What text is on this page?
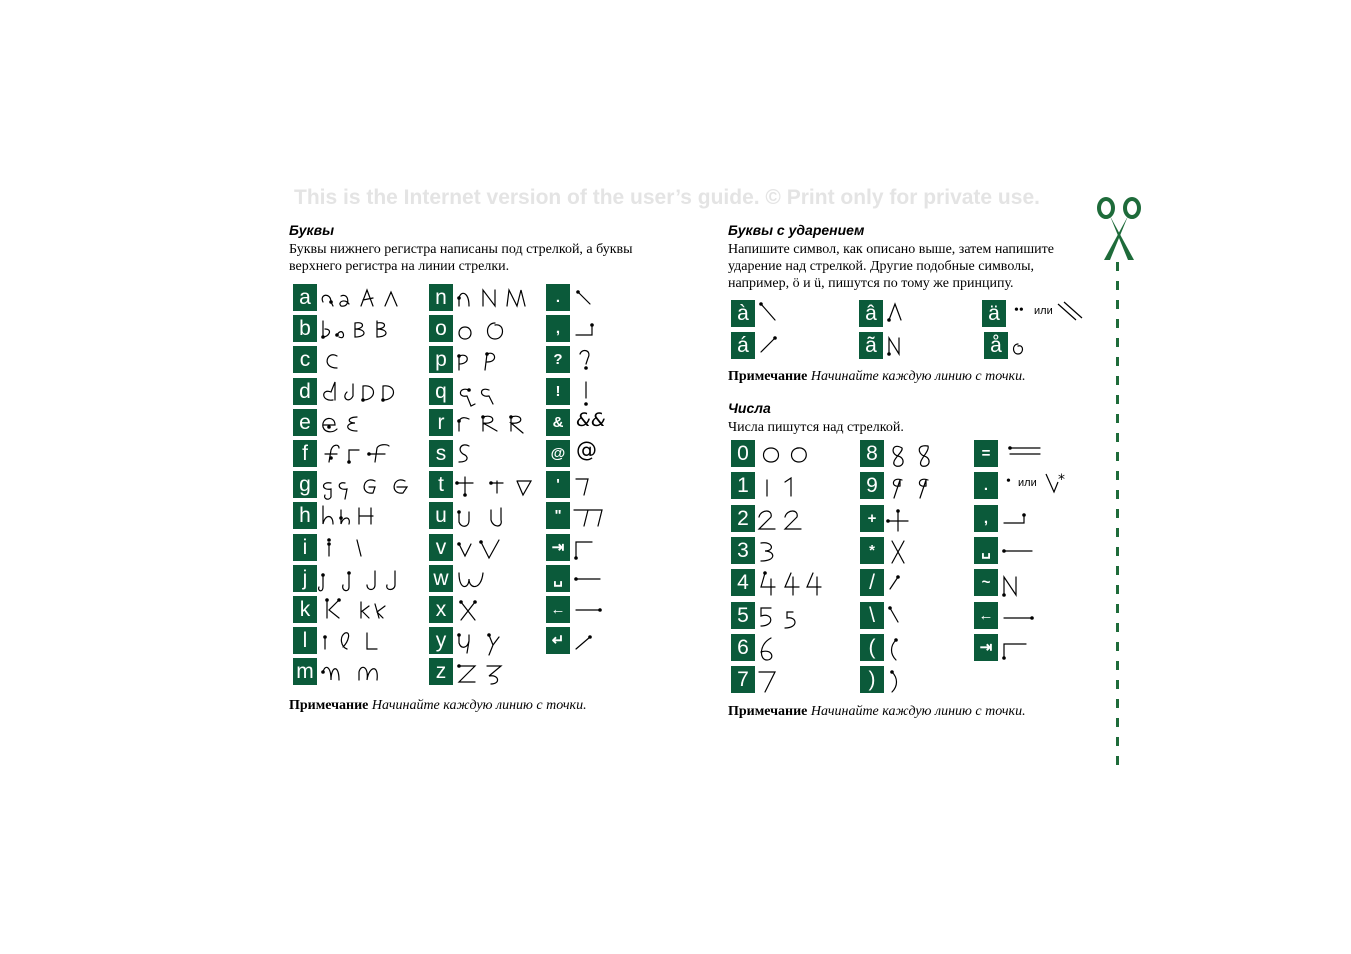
This is the Internet version of the user’s guide. © Print only for private use.
Буквы
Буквы нижнего регистра написаны под стрелкой, а буквы верхнего регистра на линии стрелки.
a
b
c
d
e
f
g
h
i
j
k
l
m
n
o
p
q
r
s
t
u
v
w
x
y
z
.
,
?
!
& &&
@ @
'
"
⇥
␣
←
↵
Примечание Начинайте каждую линию с точки.
Буквы с ударением
Напишите символ, как описано выше, затем напишите ударение над стрелкой. Другие подобные символы, например, ö и ü, пишутся по тому же принципу.
à
á
â
ã
ä	•• или
å
Примечание Начинайте каждую линию с точки.
Числа
Числа пишутся над стрелкой.
0
1
2
3
4
5
6
7
8
9
+
*
/
\
(
)
=
.	• или *
,
␣
~
←
⇥
Примечание Начинайте каждую линию с точки.
